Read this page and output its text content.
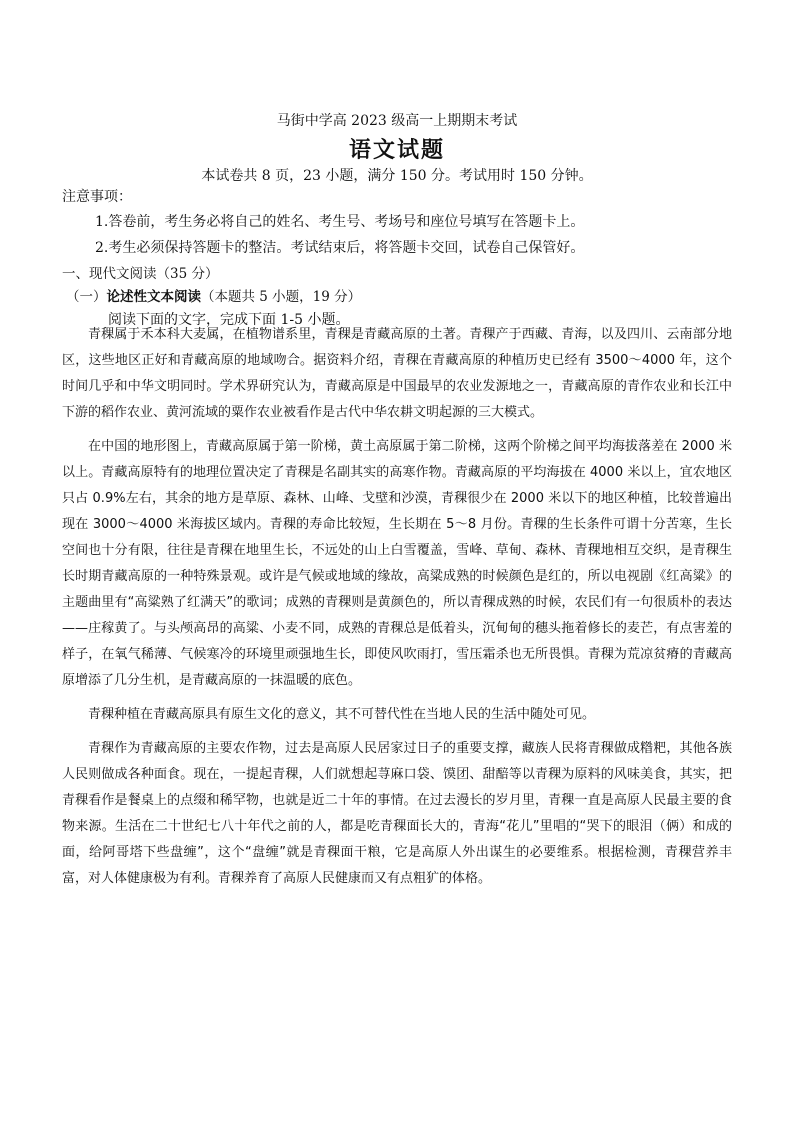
马街中学高 2023 级高一上期期末考试
语文试题
本试卷共 8 页，23 小题，满分 150 分。考试用时 150 分钟。
注意事项：
1.答卷前，考生务必将自己的姓名、考生号、考场号和座位号填写在答题卡上。
2.考生必须保持答题卡的整洁。考试结束后，将答题卡交回，试卷自己保管好。
一、现代文阅读（35 分）
（一）论述性文本阅读（本题共 5 小题，19 分）
阅读下面的文字，完成下面 1-5 小题。

青稞属于禾本科大麦属，在植物谱系里，青稞是青藏高原的土著。青稞产于西藏、青海，以及四川、云南部分地区，这些地区正好和青藏高原的地域吻合。据资料介绍，青稞在青藏高原的种植历史已经有 3500～4000 年，这个时间几乎和中华文明同时。学术界研究认为，青藏高原是中国最早的农业发源地之一，青藏高原的青作农业和长江中下游的稻作农业、黄河流域的粟作农业被看作是古代中华农耕文明起源的三大模式。

在中国的地形图上，青藏高原属于第一阶梯，黄土高原属于第二阶梯，这两个阶梯之间平均海拔落差在 2000 米以上。青藏高原特有的地理位置决定了青稞是名副其实的高寒作物。青藏高原的平均海拔在 4000 米以上，宜农地区只占 0.9%左右，其余的地方是草原、森林、山峰、戈壁和沙漠，青稞很少在 2000 米以下的地区种植，比较普遍出现在 3000～4000 米海拔区域内。青稞的寿命比较短，生长期在 5～8 月份。青稞的生长条件可谓十分苦寒，生长空间也十分有限，往往是青稞在地里生长，不远处的山上白雪覆盖，雪峰、草甸、森林、青稞地相互交织，是青稞生长时期青藏高原的一种特殊景观。或许是气候或地域的缘故，高粱成熟的时候颜色是红的，所以电视剧《红高粱》的主题曲里有“高粱熟了红满天”的歌词；成熟的青稞则是黄颜色的，所以青稞成熟的时候，农民们有一句很质朴的表达——庄稼黄了。与头颅高昂的高粱、小麦不同，成熟的青稞总是低着头，沉甸甸的穗头拖着修长的麦芒，有点害羞的样子，在氧气稀薄、气候寒冷的环境里顽强地生长，即使风吹雨打，雪压霜杀也无所畏惧。青稞为荒凉贫瘠的青藏高原增添了几分生机，是青藏高原的一抹温暖的底色。

青稞种植在青藏高原具有原生文化的意义，其不可替代性在当地人民的生活中随处可见。

青稞作为青藏高原的主要农作物，过去是高原人民居家过日子的重要支撑，藏族人民将青稞做成糌粑，其他各族人民则做成各种面食。现在，一提起青稞，人们就想起荨麻口袋、馍团、甜醅等以青稞为原料的风味美食，其实，把青稞看作是餐桌上的点缀和稀罕物，也就是近二十年的事情。在过去漫长的岁月里，青稞一直是高原人民最主要的食物来源。生活在二十世纪七八十年代之前的人，都是吃青稞面长大的，青海“花儿”里唱的“哭下的眼泪（俩）和成的面，给阿哥塔下些盘缠”，这个“盘缠”就是青稞面干粮，它是高原人外出谋生的必要维系。根据检测，青稞营养丰富，对人体健康极为有利。青稞养育了高原人民健康而又有点粗犷的体格。
